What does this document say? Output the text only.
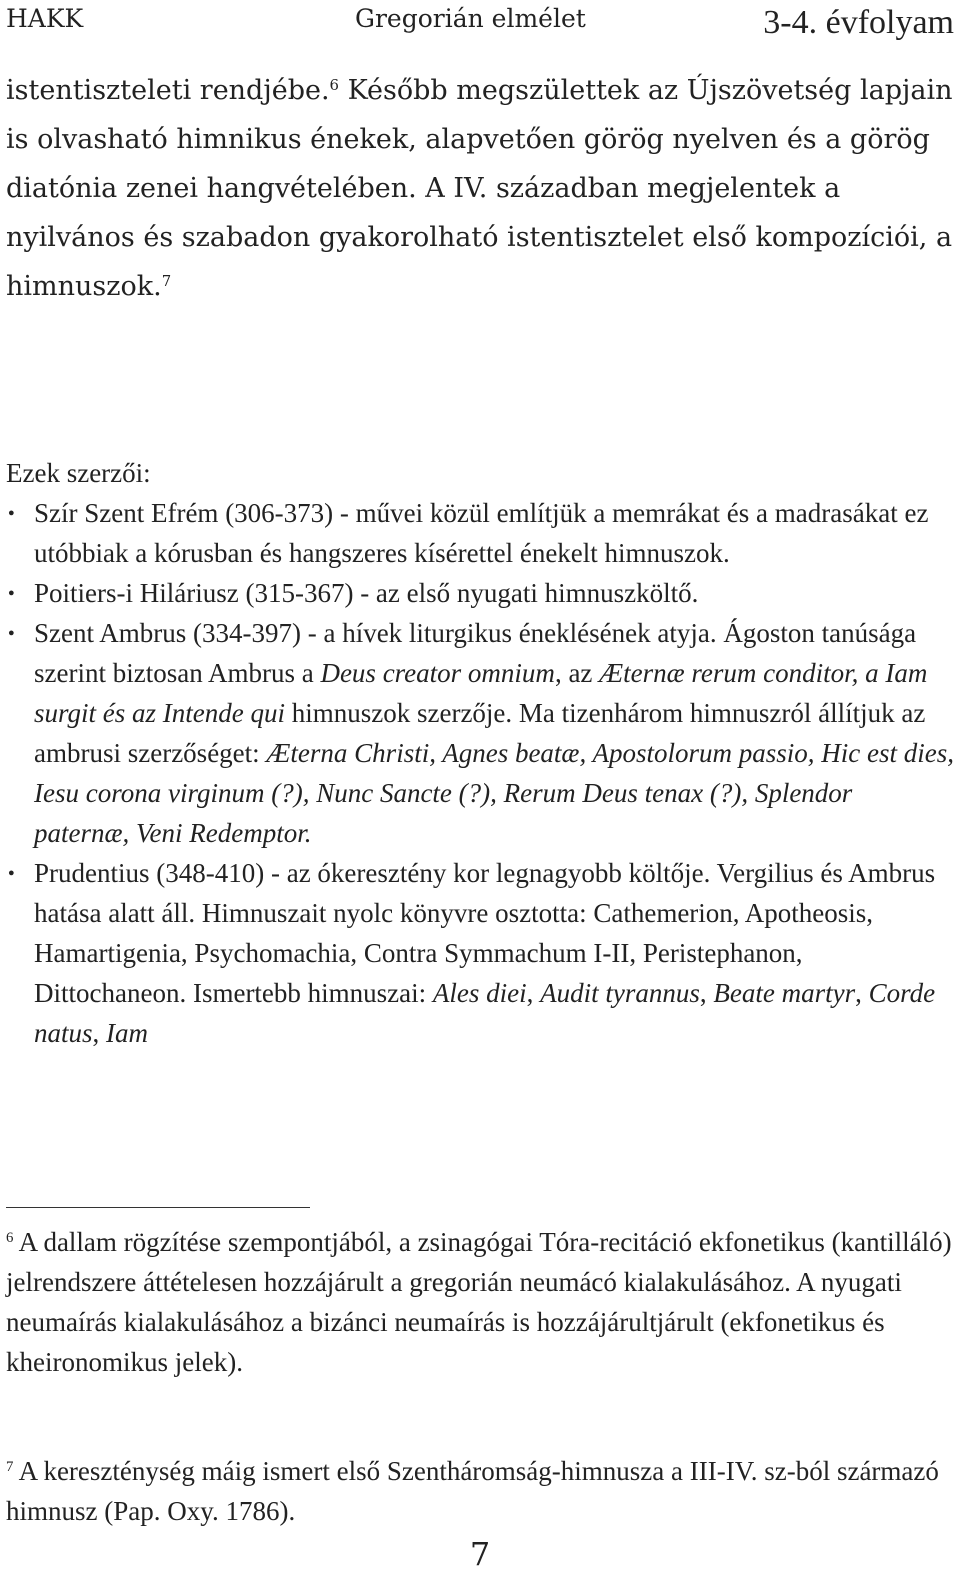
HAKK	Gregorián elmélet	3-4. évfolyam
istentiszteleti rendjébe.$^6$ Később megszülettek az Újszövetség lapjain is olvasható himnikus énekek, alapvetően görög nyelven és a görög diatónia zenei hangvételében. A IV. században megjelentek a nyilvános és szabadon gyakorolható istentisztelet első kompozíciói, a himnuszok.$^7$

Ezek szerzői:

● Szír Szent Efrém (306-373) - művei közül említjük a memrákat és a madrasákat ez utóbbiak a kórusban és hangszeres kísérettel énekelt himnuszok.
● Poitiers-i Hiláriusz (315-367) - az első nyugati himnuszköltő.
● Szent Ambrus (334-397) - a hívek liturgikus éneklésének atyja. Ágoston tanúsága szerint biztosan Ambrus a Deus creator omnium, az Æternæ rerum conditor, a Iam surgit és az Intende qui himnuszok szerzője. Ma tizenhárom himnuszról állítjuk az ambrusi szerzőséget: Æterna Christi, Agnes beatæ, Apostolorum passio, Hic est dies, Iesu corona virginum (?), Nunc Sancte (?), Rerum Deus tenax (?), Splendor paternæ, Veni Redemptor.
● Prudentius (348-410) - az ókeresztény kor legnagyobb költője. Vergilius és Ambrus hatása alatt áll. Himnuszait nyolc könyvre osztotta: Cathemerion, Apotheosis, Hamartigenia, Psychomachia, Contra Symmachum I-II, Peristephanon, Dittochaneon. Ismertebb himnuszai: Ales diei, Audit tyrannus, Beate martyr, Corde natus, Iam
$^6$ A dallam rögzítése szempontjából, a zsinagógai Tóra-recitáció ekfonetikus (kantilláló) jelrendszere áttételesen hozzájárult a gregorián neumácó kialakulásához. A nyugati neumaírás kialakulásához a bizánci neumaírás is hozzájárultjárult (ekfonetikus és kheironomikus jelek).
$^7$ A kereszténység máig ismert első Szentháromság-himnusza a III-IV. sz-ból származó himnusz (Pap. Oxy. 1786).
7
